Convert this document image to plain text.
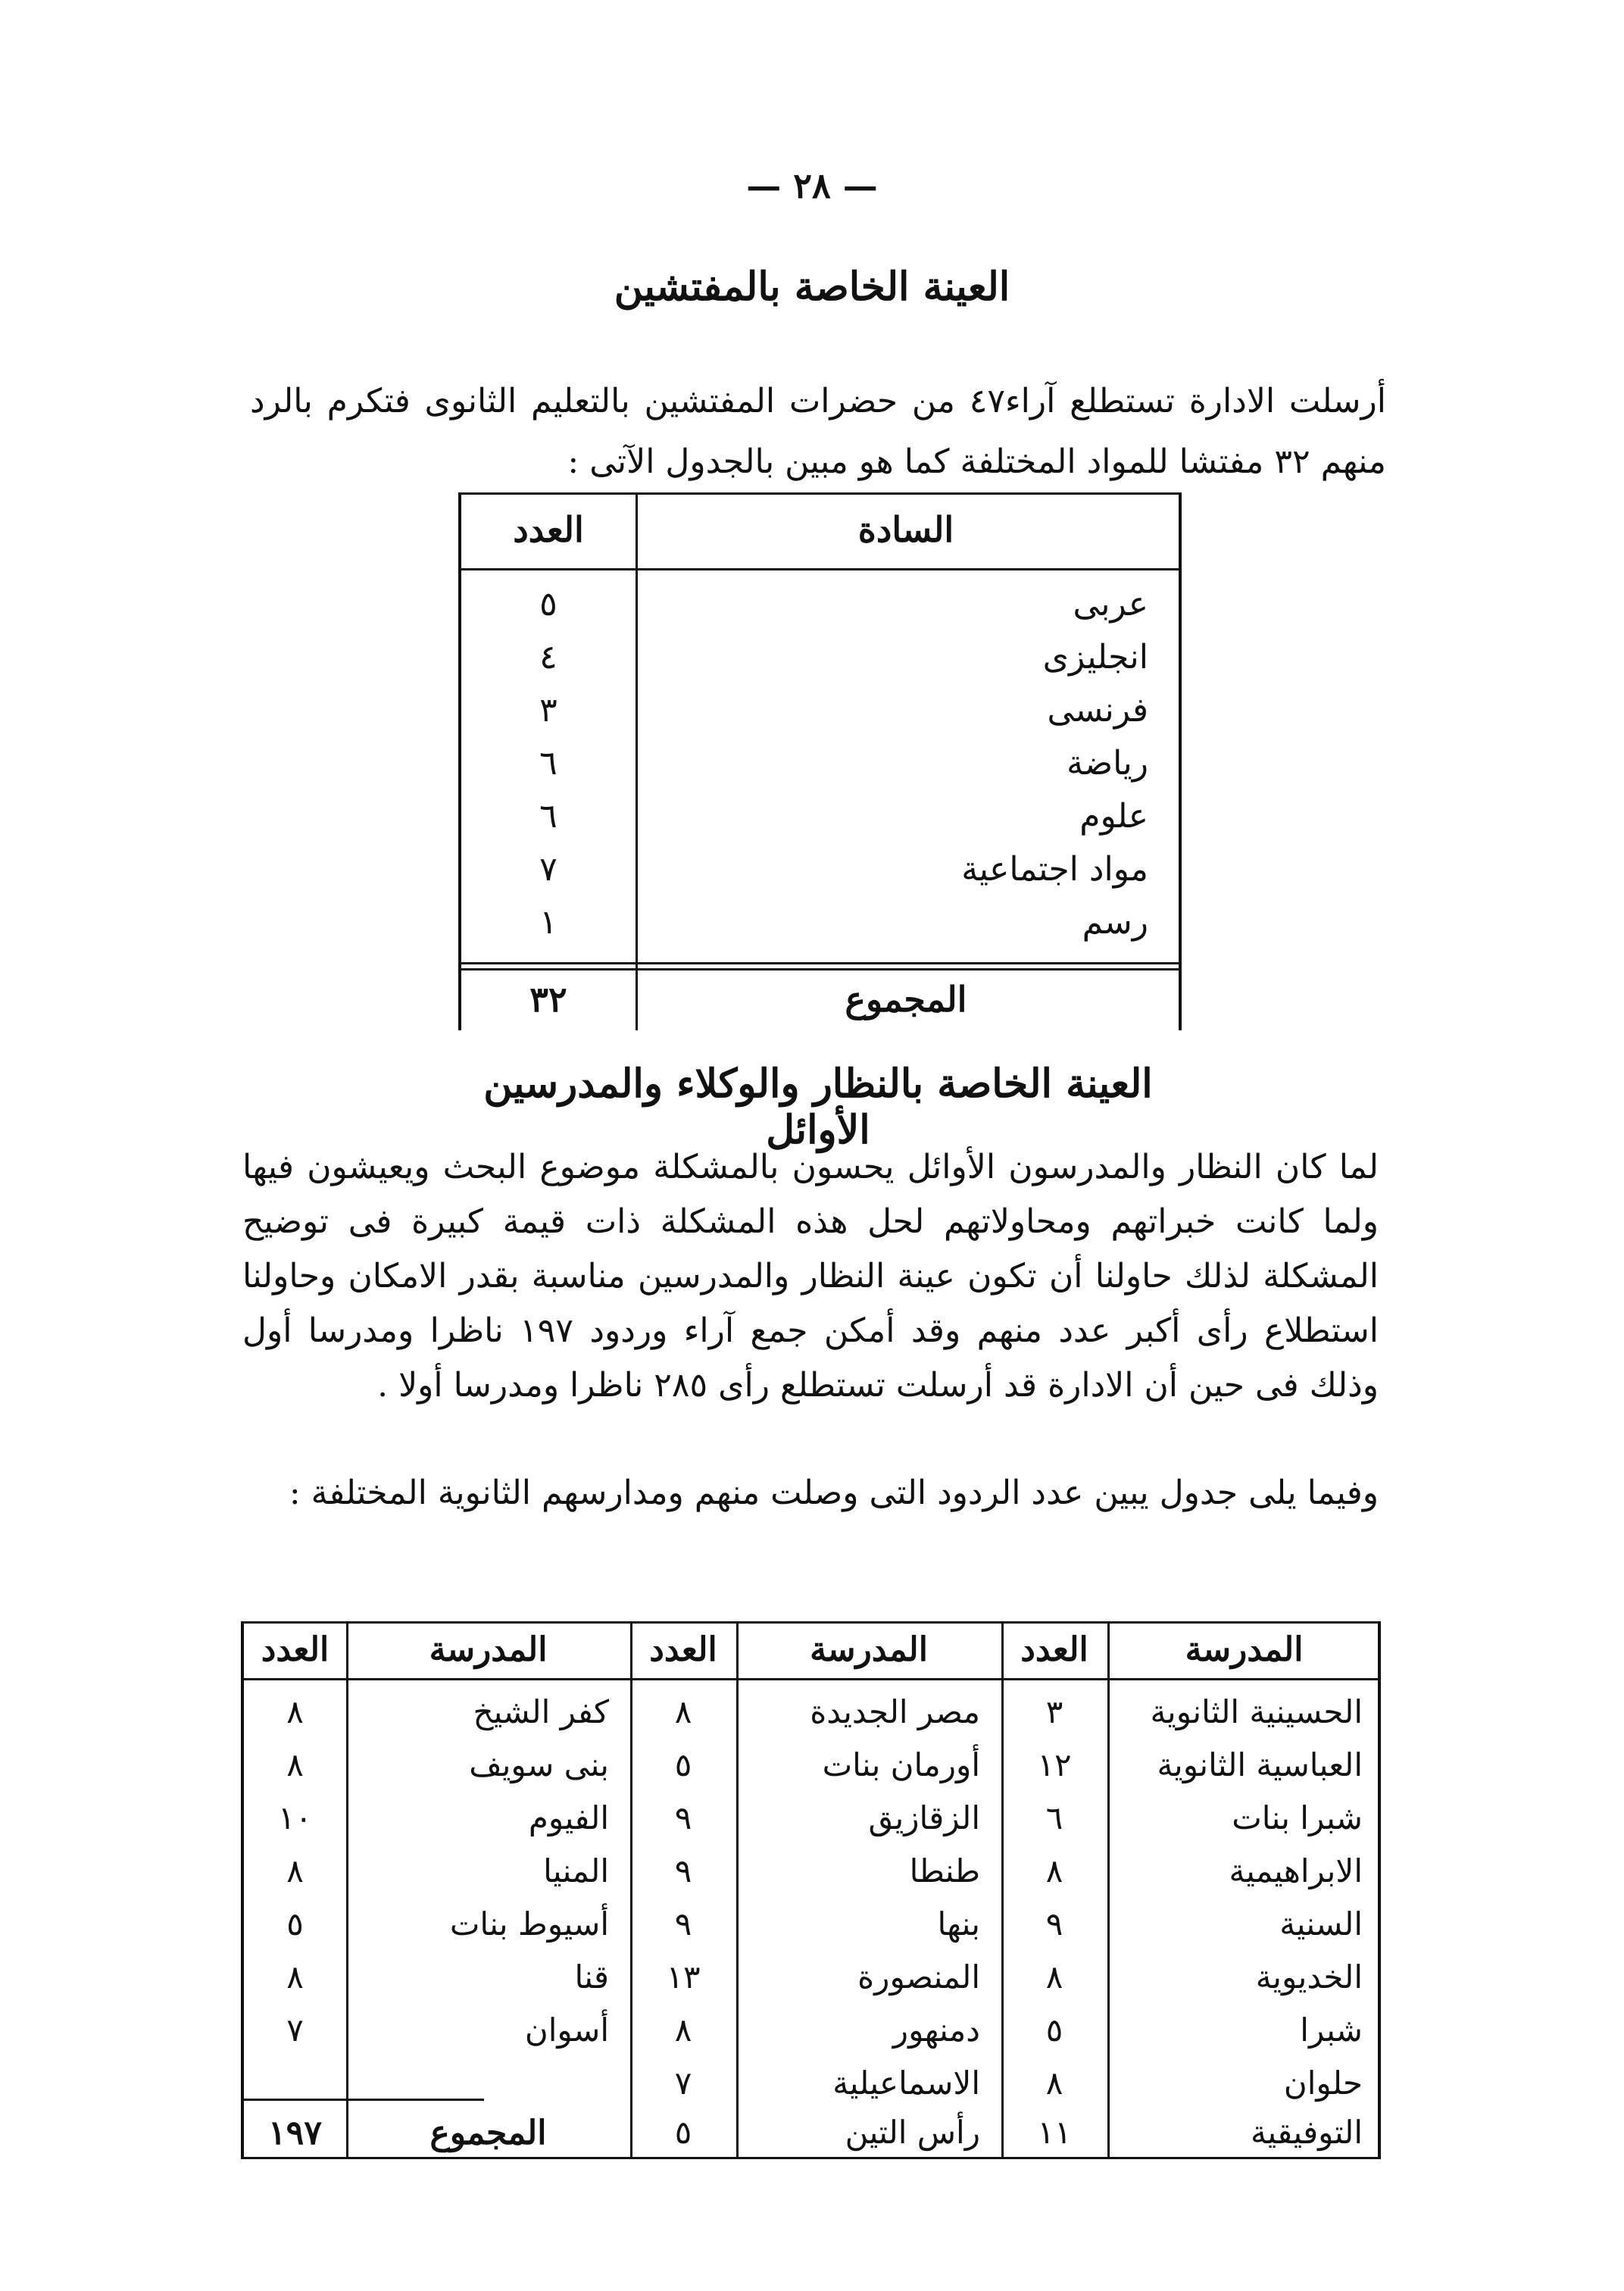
— ٢٨ —
العينة الخاصة بالمفتشين
أرسلت الادارة تستطلع آراء٤٧ من حضرات المفتشين بالتعليم الثانوى فتكرم بالرد منهم ٣٢ مفتشا للمواد المختلفة كما هو مبين بالجدول الآتى :
السادة
العدد
عربى
٥
انجليزى
٤
فرنسى
٣
رياضة
٦
علوم
٦
مواد اجتماعية
٧
رسم
١
المجموع
٣٢
العينة الخاصة بالنظار والوكلاء والمدرسين الأوائل
لما كان النظار والمدرسون الأوائل يحسون بالمشكلة موضوع البحث ويعيشون فيها ولما كانت خبراتهم ومحاولاتهم لحل هذه المشكلة ذات قيمة كبيرة فى توضيح المشكلة لذلك حاولنا أن تكون عينة النظار والمدرسين مناسبة بقدر الامكان وحاولنا استطلاع رأى أكبر عدد منهم وقد أمكن جمع آراء وردود ١٩٧ ناظرا ومدرسا أول وذلك فى حين أن الادارة قد أرسلت تستطلع رأى ٢٨٥ ناظرا ومدرسا أولا .
وفيما يلى جدول يبين عدد الردود التى وصلت منهم ومدارسهم الثانوية المختلفة :
المدرسة
العدد
المدرسة
العدد
المدرسة
العدد
الحسينية الثانوية
٣
العباسية الثانوية
١٢
شبرا بنات
٦
الابراهيمية
٨
السنية
٩
الخديوية
٨
شبرا
٥
حلوان
٨
التوفيقية
١١
مصر الجديدة
٨
أورمان بنات
٥
الزقازيق
٩
طنطا
٩
بنها
٩
المنصورة
١٣
دمنهور
٨
الاسماعيلية
٧
رأس التين
٥
كفر الشيخ
٨
بنى سويف
٨
الفيوم
١٠
المنيا
٨
أسيوط بنات
٥
قنا
٨
أسوان
٧
المجموع
١٩٧
